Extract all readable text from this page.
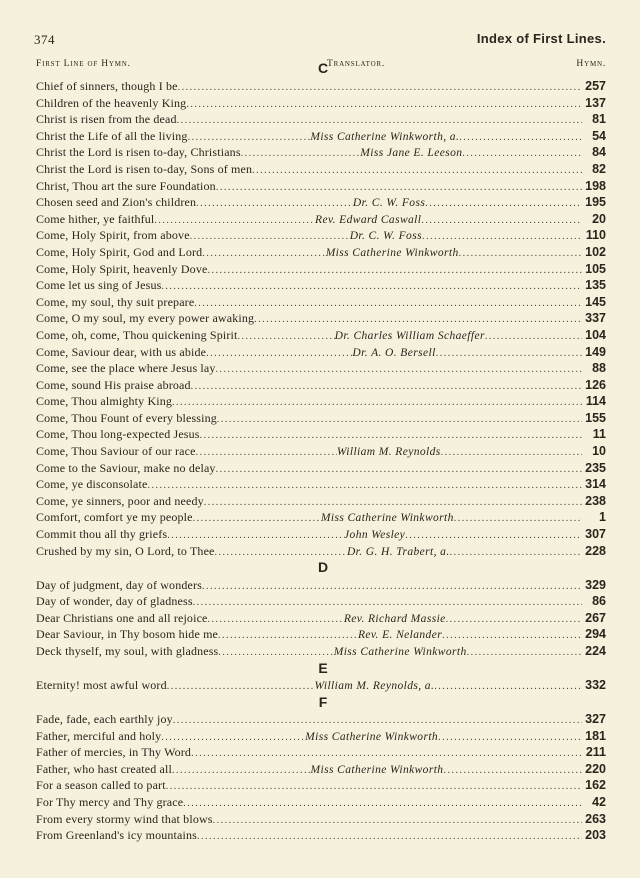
374	Index of First Lines.
First Line of Hymn.	Translator.	Hymn.
C
Chief of sinners, though I be .....	257
Children of the heavenly King .....	137
Christ is risen from the dead .....	81
Christ the Life of all the living .....	Miss Catherine Winkworth, a. .....	54
Christ the Lord is risen to-day, Christians .....	Miss Jane E. Leeson .....	84
Christ the Lord is risen to-day, Sons of men .....	82
Christ, Thou art the sure Foundation .....	198
Chosen seed and Zion's children .....	Dr. C. W. Foss .....	195
Come hither, ye faithful .....	Rev. Edward Caswall .....	20
Come, Holy Spirit, from above .....	Dr. C. W. Foss .....	110
Come, Holy Spirit, God and Lord .....	Miss Catherine Winkworth .....	102
Come, Holy Spirit, heavenly Dove .....	105
Come let us sing of Jesus .....	135
Come, my soul, thy suit prepare .....	145
Come, O my soul, my every power awaking .....	337
Come, oh, come, Thou quickening Spirit .....	Dr. Charles William Schaeffer .....	104
Come, Saviour dear, with us abide .....	Dr. A. O. Bersell .....	149
Come, see the place where Jesus lay .....	88
Come, sound His praise abroad .....	126
Come, Thou almighty King .....	114
Come, Thou Fount of every blessing .....	155
Come, Thou long-expected Jesus .....	11
Come, Thou Saviour of our race .....	William M. Reynolds .....	10
Come to the Saviour, make no delay .....	235
Come, ye disconsolate .....	314
Come, ye sinners, poor and needy .....	238
Comfort, comfort ye my people .....	Miss Catherine Winkworth .....	1
Commit thou all thy griefs .....	John Wesley .....	307
Crushed by my sin, O Lord, to Thee .....	Dr. G. H. Trabert, a. .....	228
D
Day of judgment, day of wonders .....	329
Day of wonder, day of gladness .....	86
Dear Christians one and all rejoice .....	Rev. Richard Massie .....	267
Dear Saviour, in Thy bosom hide me .....	Rev. E. Nelander .....	294
Deck thyself, my soul, with gladness .....	Miss Catherine Winkworth .....	224
E
Eternity! most awful word .....	William M. Reynolds, a. .....	332
F
Fade, fade, each earthly joy .....	327
Father, merciful and holy .....	Miss Catherine Winkworth .....	181
Father of mercies, in Thy Word .....	211
Father, who hast created all .....	Miss Catherine Winkworth .....	220
For a season called to part .....	162
For Thy mercy and Thy grace .....	42
From every stormy wind that blows .....	263
From Greenland's icy mountains .....	203
